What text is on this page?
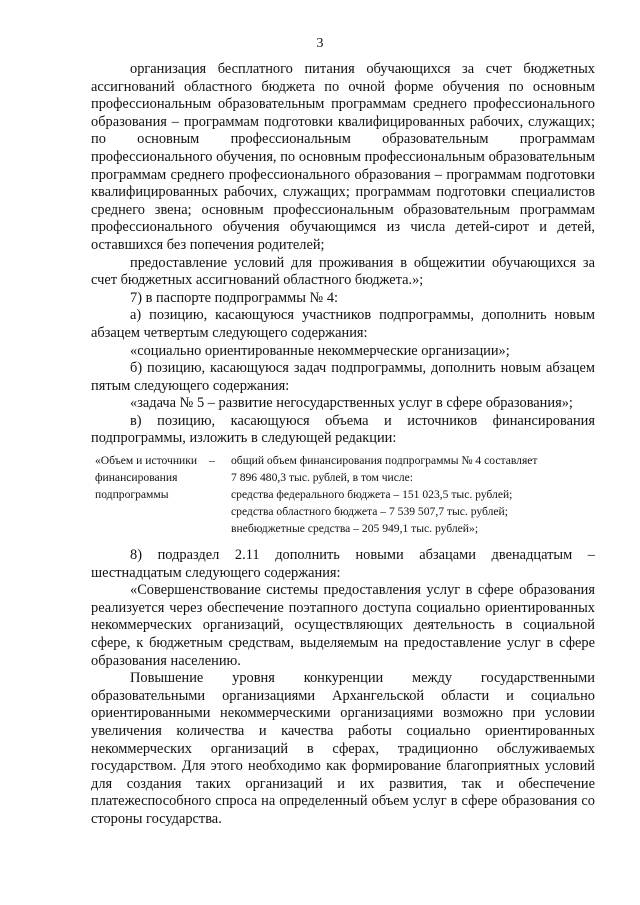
3

организация бесплатного питания обучающихся за счет бюджетных ассигнований областного бюджета по очной форме обучения по основным профессиональным образовательным программам среднего профессионального образования – программам подготовки квалифицированных рабочих, служащих; по основным профессиональным образовательным программам профессионального обучения, по основным профессиональным образовательным программам среднего профессионального образования – программам подготовки квалифицированных рабочих, служащих; программам подготовки специалистов среднего звена; основным профессиональным образовательным программам профессионального обучения обучающимся из числа детей-сирот и детей, оставшихся без попечения родителей;

предоставление условий для проживания в общежитии обучающихся за счет бюджетных ассигнований областного бюджета.»;

7) в паспорте подпрограммы № 4:

а) позицию, касающуюся участников подпрограммы, дополнить новым абзацем четвертым следующего содержания:

«социально ориентированные некоммерческие организации»;

б) позицию, касающуюся задач подпрограммы, дополнить новым абзацем пятым следующего содержания:

«задача № 5 – развитие негосударственных услуг в сфере образования»;

в) позицию, касающуюся объема и источников финансирования подпрограммы, изложить в следующей редакции:

«Объем и источники финансирования подпрограммы
–	общий объем финансирования подпрограммы № 4 составляет
7 896 480,3 тыс. рублей, в том числе:
средства федерального бюджета – 151 023,5 тыс. рублей;
средства областного бюджета – 7 539 507,7 тыс. рублей;
внебюджетные средства – 205 949,1 тыс. рублей»;

8) подраздел 2.11 дополнить новыми абзацами двенадцатым – шестнадцатым следующего содержания:

«Совершенствование системы предоставления услуг в сфере образования реализуется через обеспечение поэтапного доступа социально ориентированных некоммерческих организаций, осуществляющих деятельность в социальной сфере, к бюджетным средствам, выделяемым на предоставление услуг в сфере образования населению.

Повышение уровня конкуренции между государственными образовательными организациями Архангельской области и социально ориентированными некоммерческими организациями возможно при условии увеличения количества и качества работы социально ориентированных некоммерческих организаций в сферах, традиционно обслуживаемых государством. Для этого необходимо как формирование благоприятных условий для создания таких организаций и их развития, так и обеспечение платежеспособного спроса на определенный объем услуг в сфере образования со стороны государства.
